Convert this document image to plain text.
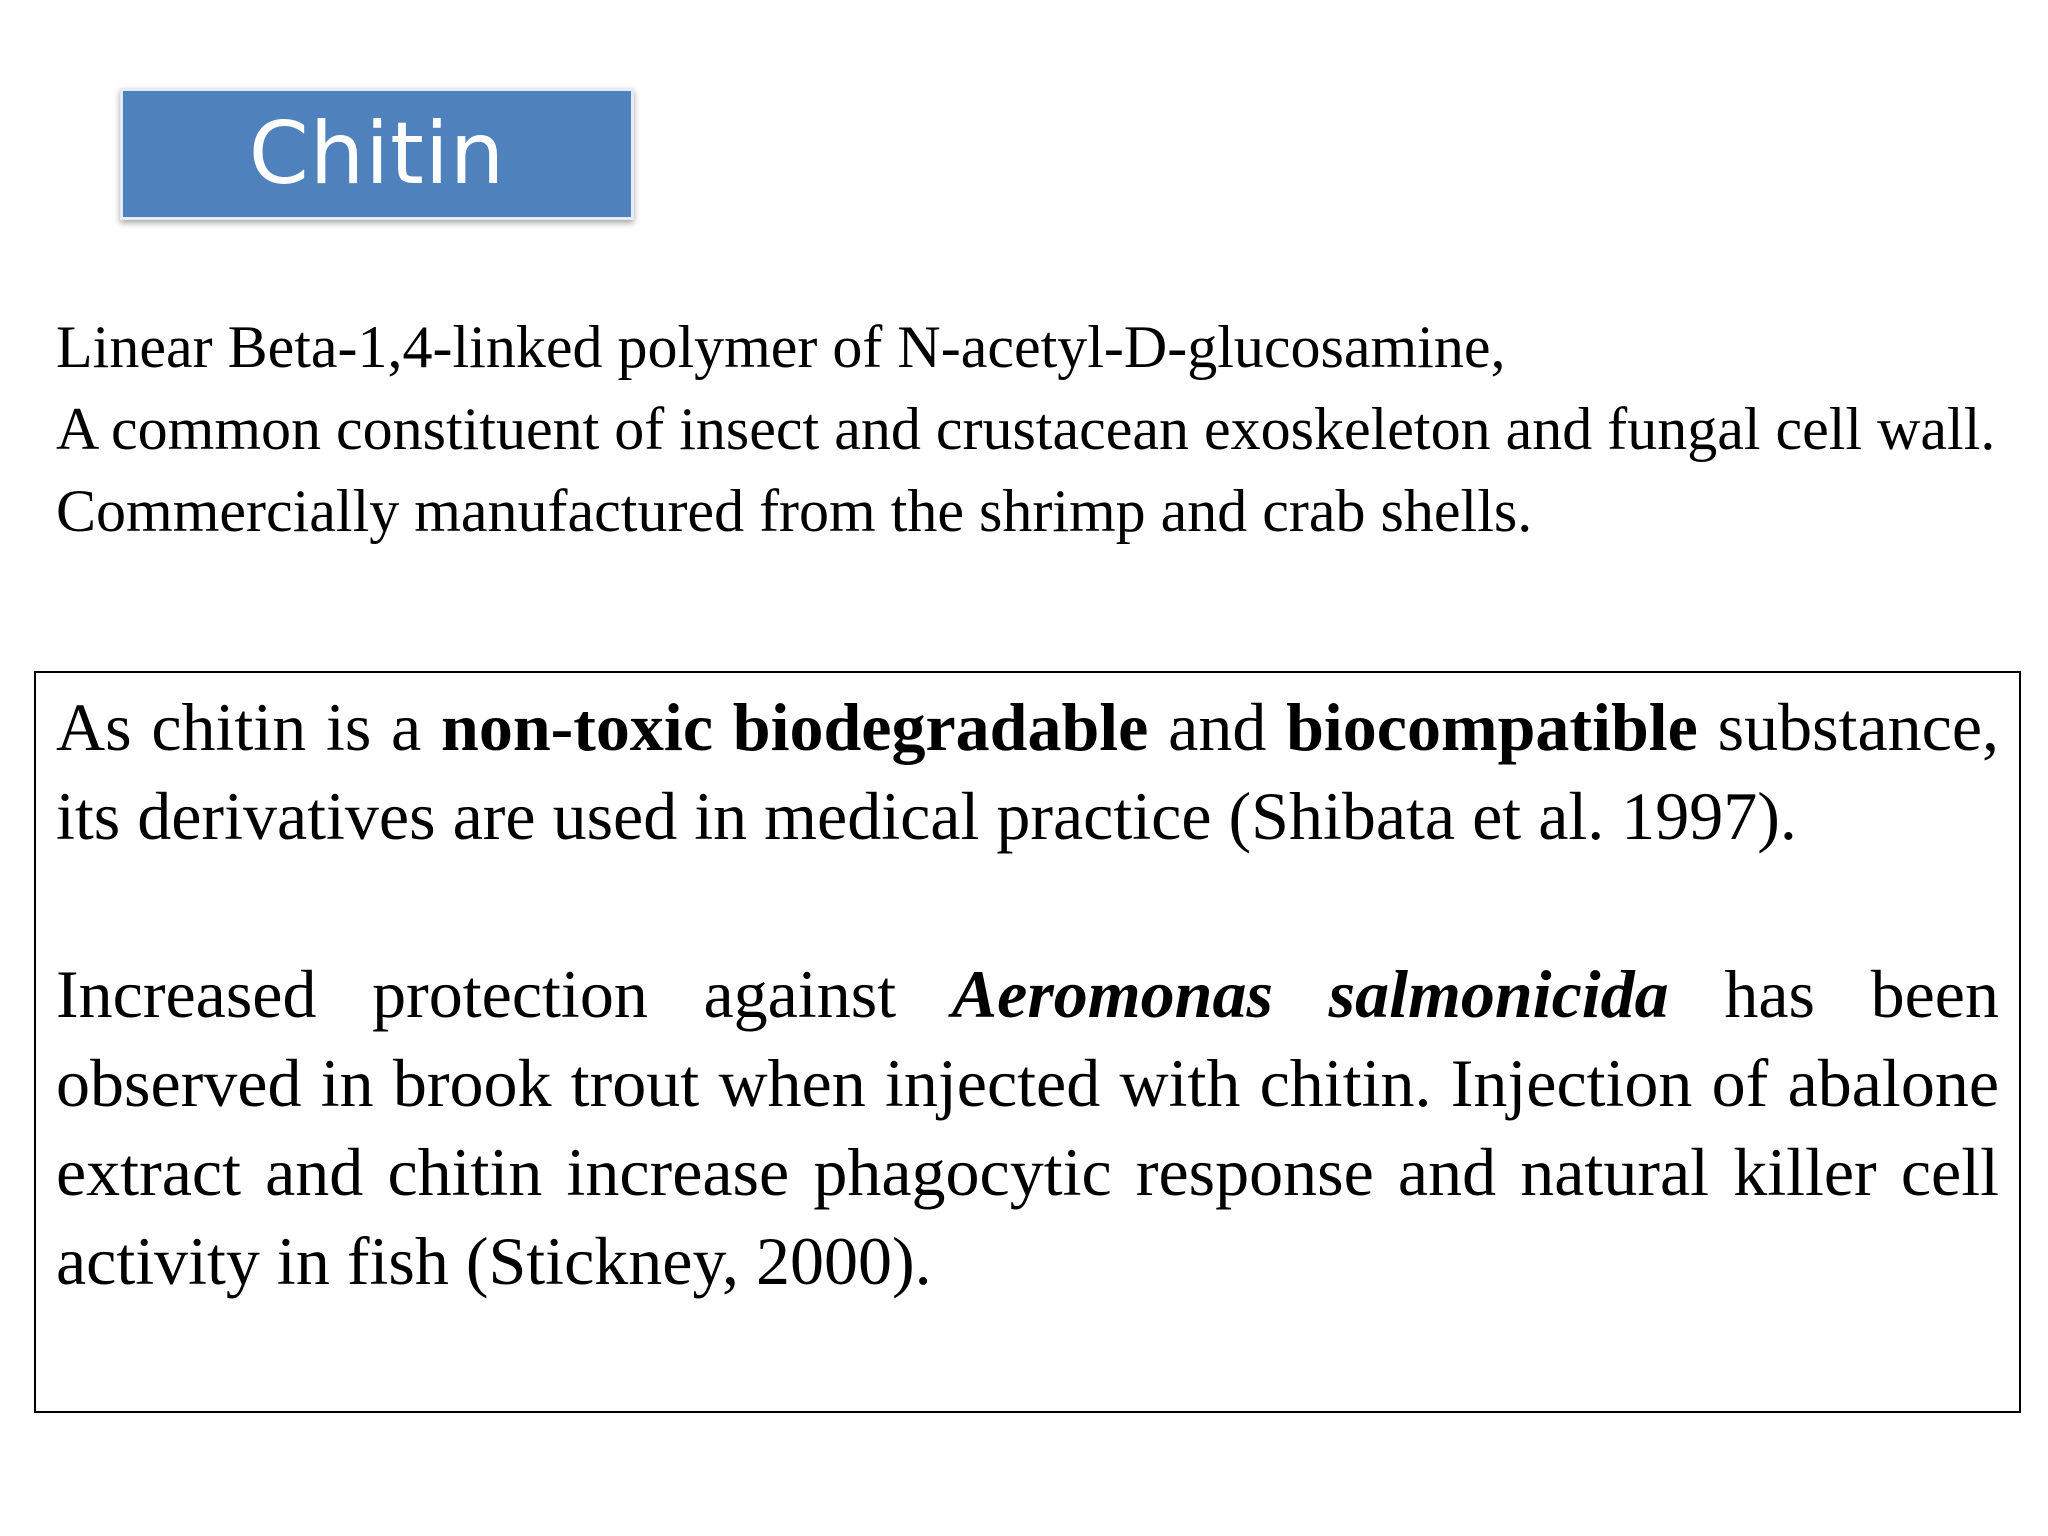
Chitin

Linear Beta-1,4-linked polymer of N-acetyl-D-glucosamine,

A common constituent of insect and crustacean exoskeleton and fungal cell wall.

Commercially manufactured from the shrimp and crab shells.

As chitin is a non-toxic biodegradable and biocompatible substance, its derivatives are used in medical practice (Shibata et al. 1997).

Increased protection against Aeromonas salmonicida has been observed in brook trout when injected with chitin. Injection of abalone extract and chitin increase phagocytic response and natural killer cell activity in fish (Stickney, 2000).
